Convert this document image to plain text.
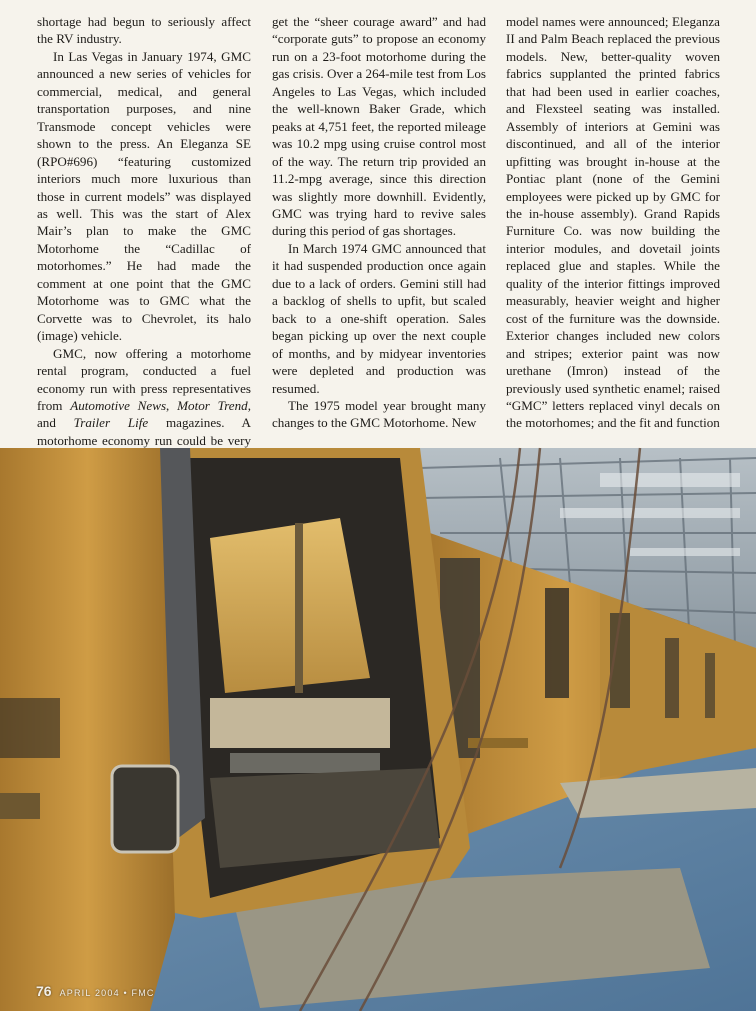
shortage had begun to seriously affect the RV industry.

In Las Vegas in January 1974, GMC announced a new series of vehicles for commercial, medical, and general transportation purposes, and nine Transmode concept vehicles were shown to the press. An Eleganza SE (RPO#696) “featuring customized interiors much more luxurious than those in current models” was displayed as well. This was the start of Alex Mair’s plan to make the GMC Motorhome the “Cadillac of motorhomes.” He had made the comment at one point that the GMC Motorhome was to GMC what the Corvette was to Chevrolet, its halo (image) vehicle.

GMC, now offering a motorhome rental program, conducted a fuel economy run with press representatives from Automotive News, Motor Trend, and Trailer Life magazines. A motorhome economy run could be very

get the “sheer courage award” and had “corporate guts” to propose an economy run on a 23-foot motorhome during the gas crisis. Over a 264-mile test from Los Angeles to Las Vegas, which included the well-known Baker Grade, which peaks at 4,751 feet, the reported mileage was 10.2 mpg using cruise control most of the way. The return trip provided an 11.2-mpg average, since this direction was slightly more downhill. Evidently, GMC was trying hard to revive sales during this period of gas shortages.

In March 1974 GMC announced that it had suspended production once again due to a lack of orders. Gemini still had a backlog of shells to upfit, but scaled back to a one-shift operation. Sales began picking up over the next couple of months, and by midyear inventories were depleted and production was resumed.

The 1975 model year brought many changes to the GMC Motorhome. New

model names were announced; Eleganza II and Palm Beach replaced the previous models. New, better-quality woven fabrics supplanted the printed fabrics that had been used in earlier coaches, and Flexsteel seating was installed. Assembly of interiors at Gemini was discontinued, and all of the interior upfitting was brought in-house at the Pontiac plant (none of the Gemini employees were picked up by GMC for the in-house assembly). Grand Rapids Furniture Co. was now building the interior modules, and dovetail joints replaced glue and staples. While the quality of the interior fittings improved measurably, heavier weight and higher cost of the furniture was the downside. Exterior changes included new colors and stripes; exterior paint was now urethane (Imron) instead of the previously used synthetic enamel; raised “GMC” letters replaced vinyl decals on the motorhomes; and the fit and function

76 APRIL 2004 • FMC
